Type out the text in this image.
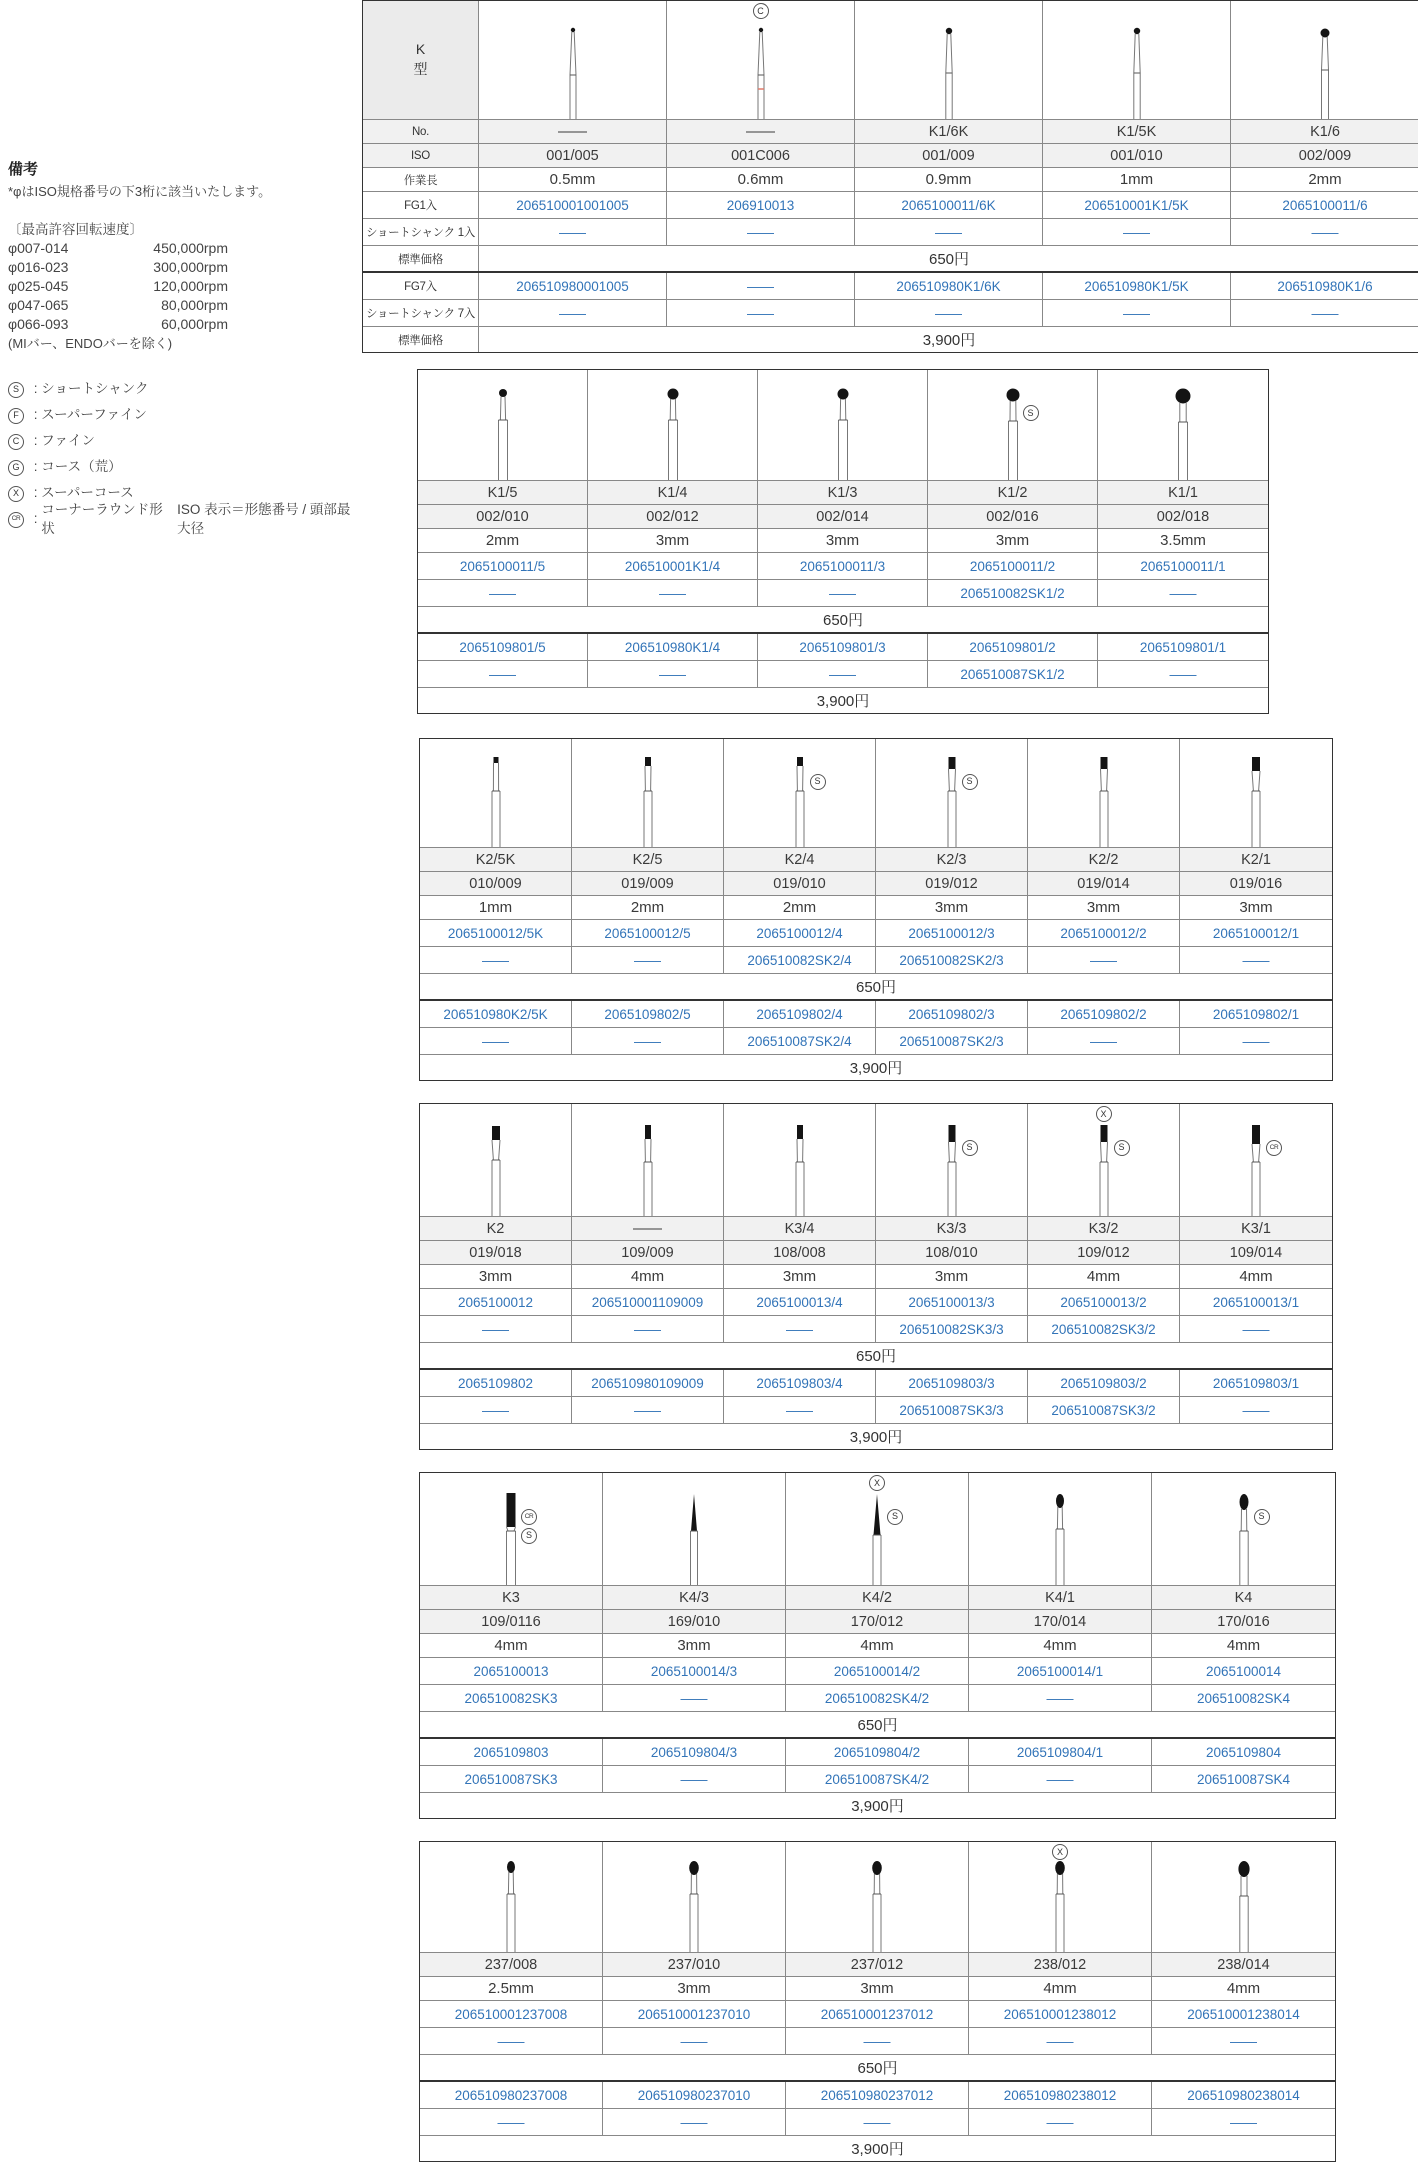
備考
*φはISO規格番号の下3桁に該当いたします。
〔最高許容回転速度〕
φ007-014	450,000rpm
φ016-023	300,000rpm
φ025-045	120,000rpm
φ047-065	80,000rpm
φ066-093	60,000rpm
(MIバー、ENDOバーを除く)
S : ショートシャンク
F : スーパーファイン
C : ファイン
G : コース（荒）
X : スーパーコース
CR :
コーナーラウンド形状
ISO 表示＝形態番号 / 頭部最大径
K
型
C
No.	——	——	K1/6K	K1/5K	K1/6
ISO	001/005	001C006	001/009	001/010	002/009
作業長	0.5mm	0.6mm	0.9mm	1mm	2mm
FG1入	206510001001005	206910013	2065100011/6K	206510001K1/5K	2065100011/6
ショートシャンク 1入	——	——	——	——	——
標準価格	650円
FG7入	206510980001005	——	206510980K1/6K	206510980K1/5K	206510980K1/6
ショートシャンク 7入	——	——	——	——	——
標準価格	3,900円
S
K1/5	K1/4	K1/3	K1/2	K1/1
002/010	002/012	002/014	002/016	002/018
2mm	3mm	3mm	3mm	3.5mm
2065100011/5	206510001K1/4	2065100011/3	2065100011/2	2065100011/1
——	——	——	206510082SK1/2	——
650円
2065109801/5	206510980K1/4	2065109801/3	2065109801/2	2065109801/1
——	——	——	206510087SK1/2	——
3,900円
S	S
K2/5K	K2/5	K2/4	K2/3	K2/2	K2/1
010/009	019/009	019/010	019/012	019/014	019/016
1mm	2mm	2mm	3mm	3mm	3mm
2065100012/5K	2065100012/5	2065100012/4	2065100012/3	2065100012/2	2065100012/1
——	——	206510082SK2/4	206510082SK2/3	——	——
650円
206510980K2/5K	2065109802/5	2065109802/4	2065109802/3	2065109802/2	2065109802/1
——	——	206510087SK2/4	206510087SK2/3	——	——
3,900円
S
X
S	CR
K2	——	K3/4	K3/3	K3/2	K3/1
019/018	109/009	108/008	108/010	109/012	109/014
3mm	4mm	3mm	3mm	4mm	4mm
2065100012	206510001109009	2065100013/4	2065100013/3	2065100013/2	2065100013/1
——	——	——	206510082SK3/3	206510082SK3/2	——
650円
2065109802	206510980109009	2065109803/4	2065109803/3	2065109803/2	2065109803/1
——	——	——	206510087SK3/3	206510087SK3/2	——
3,900円
CR
S
X
S	S
K3	K4/3	K4/2	K4/1	K4
109/0116	169/010	170/012	170/014	170/016
4mm	3mm	4mm	4mm	4mm
2065100013	2065100014/3	2065100014/2	2065100014/1	2065100014
206510082SK3	——	206510082SK4/2	——	206510082SK4
650円
2065109803	2065109804/3	2065109804/2	2065109804/1	2065109804
206510087SK3	——	206510087SK4/2	——	206510087SK4
3,900円
X
237/008	237/010	237/012	238/012	238/014
2.5mm	3mm	3mm	4mm	4mm
206510001237008	206510001237010	206510001237012	206510001238012	206510001238014
——	——	——	——	——
650円
206510980237008	206510980237010	206510980237012	206510980238012	206510980238014
——	——	——	——	——
3,900円
